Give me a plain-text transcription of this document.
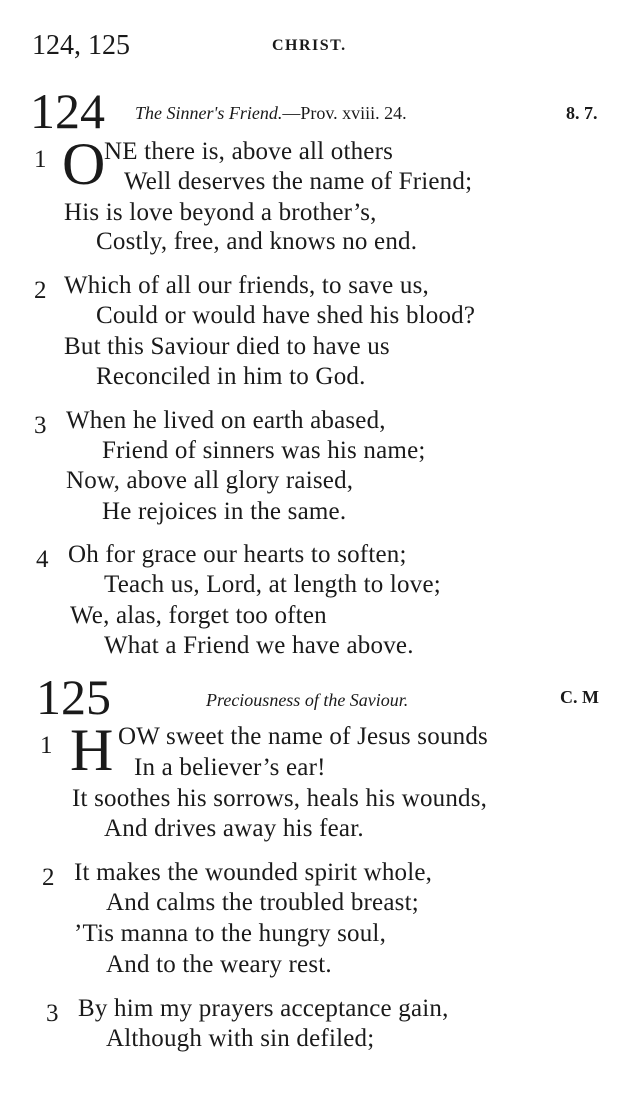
124, 125	CHRIST.
124 The Sinner's Friend.—Prov. xviii. 24.	8. 7.
1 O
NE there is, above all others
Well deserves the name of Friend;
His is love beyond a brother’s,
Costly, free, and knows no end.
2 Which of all our friends, to save us,
Could or would have shed his blood?
But this Saviour died to have us
Reconciled in him to God.
3 When he lived on earth abased,
Friend of sinners was his name;
Now, above all glory raised,
He rejoices in the same.
4 Oh for grace our hearts to soften;
Teach us, Lord, at length to love;
We, alas, forget too often
What a Friend we have above.
125	Preciousness of the Saviour.	C. M
1 H OW sweet the name of Jesus sounds
In a believer’s ear!
It soothes his sorrows, heals his wounds,
And drives away his fear.
2 It makes the wounded spirit whole,
And calms the troubled breast;
’Tis manna to the hungry soul,
And to the weary rest.
3 By him my prayers acceptance gain,
Although with sin defiled;
